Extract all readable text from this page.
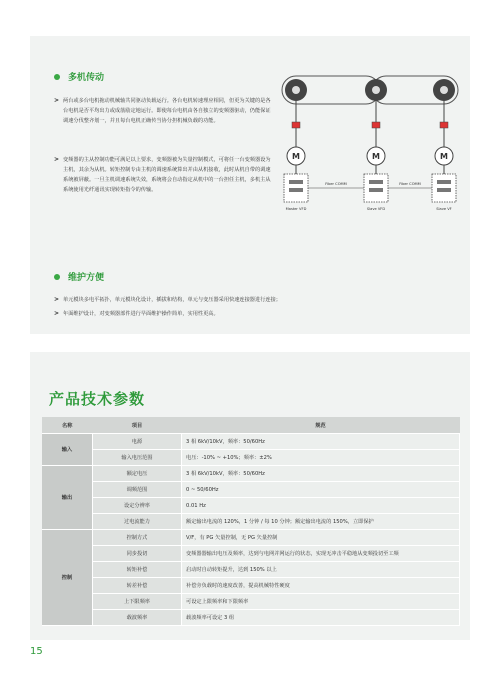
多机传动
> 两台或多台电机拖动机械轴共同驱动负载运行。各台电机转速理应相同，但更为关键的是各台电机是否平均出力或成筋励定地运行。即使每台电机由各自独立的变频器驱动，仍能保证调速分伐整齐划一，并且每台电机正确传当协分担机械负载的功能。
> 变频器的主从控制功能可满足以上要求，变频器被为失量控制模式，可将任一台变频器设为主机，其余为从机。转矩控制专由主机的调速系统算出并由从机接收，此时从机自带的调速系统被屏蔽。一旦主机调速系统失效，系统将会自动指定从机中的一台担任主机，多机主从系统使用光纤通讯实现转矩指令的传输。
M	M	M
Fiber COMM	Fiber COMM
Master VFD	Slave VFD	Slave VF
维护方便
> 单元模块多电平拓扑，单元模块化设计，插拔和结构，单元与变压器采用快速连接器进行连接；
> 年面维护设计，对变频器部件进行早面维护操作简单，实用性更高。
产品技术参数
名称	项目	规范
输入	电源	3 相 6kV/10kV，频率：50/60Hz
	输入电压范围	电压：-10% ~ +10%；频率：±2%
输出	额定电压	3 相 6kV/10kV，频率：50/60Hz
	调频范围	0 ~ 50/60Hz
	设定分辨率	0.01 Hz
	过电流能力	额定输出电流的 120%，1 分钟 / 每 10 分钟；额定输出电流的 150%，立即保护
控制	控制方式	V/F，有 PG 矢量控制，无 PG 矢量控制
	同步投切	变频器器输出电压及频率，达到与电网并网运行的状态，实现无冲击平稳地从变频投切至工频
	转矩补偿	启动时自动转矩提升，达到 150% 以上
	转差补偿	补偿旁负载时的速度改善，提高机械特性硬度
	上下限频率	可设定上限频率和下限频率
	载波频率	载波频率可设定 3 组
15
